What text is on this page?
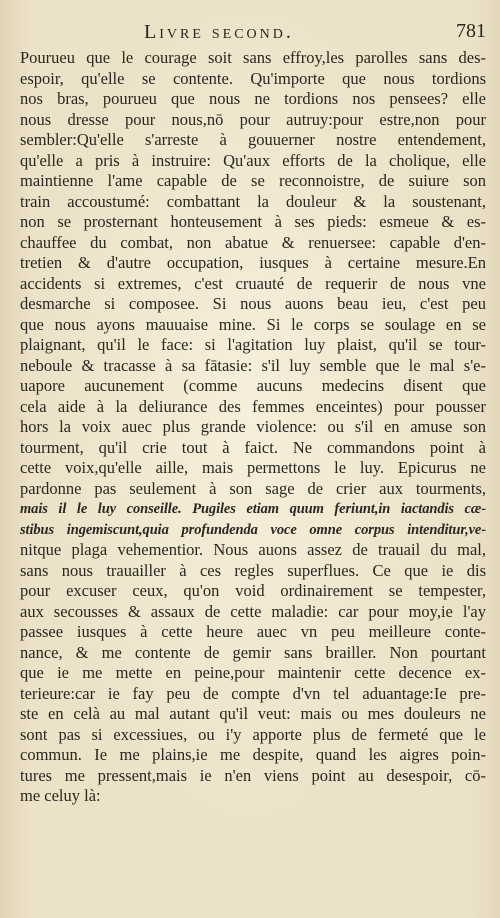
Livre second.	781
Pourueu que le courage soit sans effroy,les parolles sans des-
espoir, qu'elle se contente. Qu'importe que nous tordions
nos bras, pourueu que nous ne tordions nos pensees? elle
nous dresse pour nous,nō pour autruy:pour estre,non pour
sembler:Qu'elle s'arreste à gouuerner nostre entendement,
qu'elle a pris à instruire: Qu'aux efforts de la cholique, elle
maintienne l'ame capable de se reconnoistre, de suiure son
train accoustumé: combattant la douleur & la soustenant,
non se prosternant honteusement à ses pieds: esmeue & es-
chauffee du combat, non abatue & renuersee: capable d'en-
tretien & d'autre occupation, iusques à certaine mesure.En
accidents si extremes, c'est cruauté de requerir de nous vne
desmarche si composee. Si nous auons beau ieu, c'est peu
que nous ayons mauuaise mine. Si le corps se soulage en se
plaignant, qu'il le face: si l'agitation luy plaist, qu'il se tour-
neboule & tracasse à sa fātasie: s'il luy semble que le mal s'e-
uapore aucunement (comme aucuns medecins disent que
cela aide à la deliurance des femmes enceintes) pour pousser
hors la voix auec plus grande violence: ou s'il en amuse son
tourment, qu'il crie tout à faict. Ne commandons point à
cette voix,qu'elle aille, mais permettons le luy. Epicurus ne
pardonne pas seulement à son sage de crier aux tourments,
mais il le luy conseille. Pugiles etiam quum feriunt,in iactandis cæ-
stibus ingemiscunt,quia profundenda voce omne corpus intenditur,ve-
nitque plaga vehementior. Nous auons assez de trauail du mal,
sans nous trauailler à ces regles superflues. Ce que ie dis
pour excuser ceux, qu'on void ordinairement se tempester,
aux secousses & assaux de cette maladie: car pour moy,ie l'ay
passee iusques à cette heure auec vn peu meilleure conte-
nance, & me contente de gemir sans brailler. Non pourtant
que ie me mette en peine,pour maintenir cette decence ex-
terieure:car ie fay peu de compte d'vn tel aduantage:Ie pre-
ste en celà au mal autant qu'il veut: mais ou mes douleurs ne
sont pas si excessiues, ou i'y apporte plus de fermeté que le
commun. Ie me plains,ie me despite, quand les aigres poin-
tures me pressent,mais ie n'en viens point au desespoir, cō-
me celuy là:
